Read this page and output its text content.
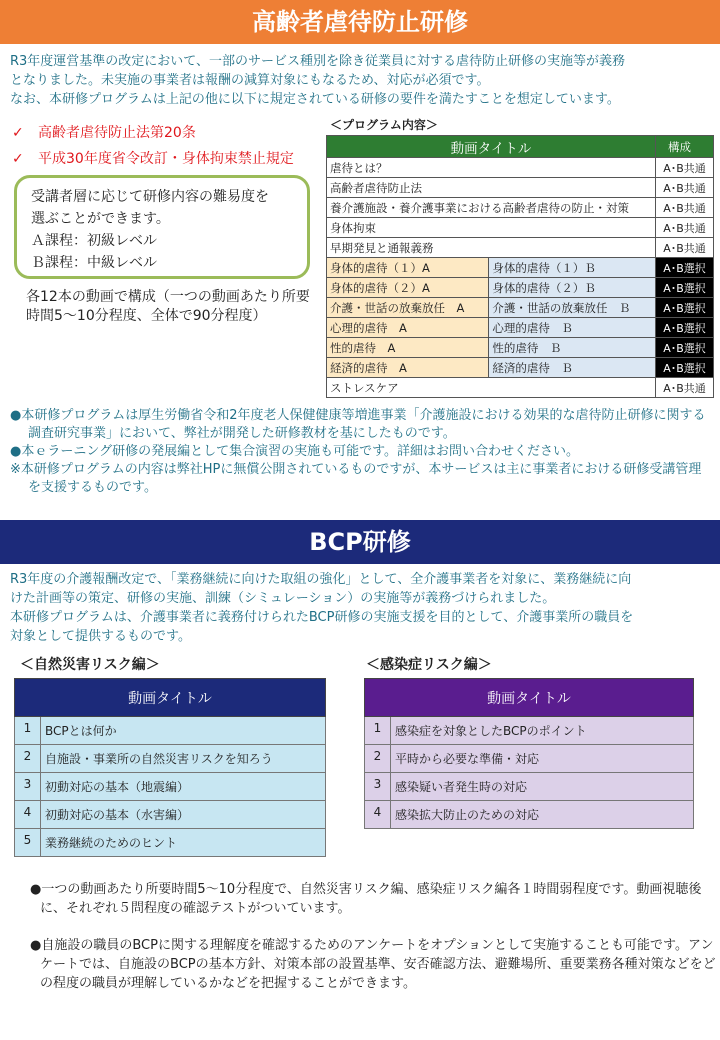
高齢者虐待防止研修

R3年度運営基準の改定において、一部のサービス種別を除き従業員に対する虐待防止研修の実施等が義務

となりました。未実施の事業者は報酬の減算対象にもなるため、対応が必須です。

なお、本研修プログラムは上記の他に以下に規定されている研修の要件を満たすことを想定しています。

✓ 高齢者虐待防止法第20条
✓ 平成30年度省令改訂・身体拘束禁止規定
受講者層に応じて研修内容の難易度を
選ぶことができます。
Ａ課程：初級レベル
Ｂ課程：中級レベル
各12本の動画で構成（一つの動画あたり所要時間5〜10分程度、全体で90分程度）
＜プログラム内容＞
動画タイトル		構成
虐待とは？		A･B共通
高齢者虐待防止法		A･B共通
養介護施設・養介護事業における高齢者虐待の防止・対策		A･B共通
身体拘束		A･B共通
早期発見と通報義務		A･B共通
身体的虐待（１）A	身体的虐待（１）Ｂ	A･B選択
身体的虐待（２）A	身体的虐待（２）Ｂ	A･B選択
介護・世話の放棄放任　A	介護・世話の放棄放任　Ｂ	A･B選択
心理的虐待　A	心理的虐待　Ｂ	A･B選択
性的虐待　A	性的虐待　Ｂ	A･B選択
経済的虐待　A	経済的虐待　Ｂ	A･B選択
ストレスケア		A･B共通
●本研修プログラムは厚生労働省令和2年度老人保健健康等増進事業「介護施設における効果的な虐待防止研修に関する調査研究事業」において、弊社が開発した研修教材を基にしたものです。
●本ｅラーニング研修の発展編として集合演習の実施も可能です。詳細はお問い合わせください。
※本研修プログラムの内容は弊社HPに無償公開されているものですが、本サービスは主に事業者における研修受講管理を支援するものです。
BCP研修

R3年度の介護報酬改定で、「業務継続に向けた取組の強化」として、全介護事業者を対象に、業務継続に向

けた計画等の策定、研修の実施、訓練（シミュレーション）の実施等が義務づけられました。

本研修プログラムは、介護事業者に義務付けられたBCP研修の実施支援を目的として、介護事業所の職員を

対象として提供するものです。

＜自然災害リスク編＞	＜感染症リスク編＞
動画タイトル	
1	BCPとは何か
2	自施設・事業所の自然災害リスクを知ろう
3	初動対応の基本（地震編）
4	初動対応の基本（水害編）
5	業務継続のためのヒント
動画タイトル	
1	感染症を対象としたBCPのポイント
2	平時から必要な準備・対応
3	感染疑い者発生時の対応
4	感染拡大防止のための対応
●一つの動画あたり所要時間5〜10分程度で、自然災害リスク編、感染症リスク編各１時間弱程度です。動画視聴後に、それぞれ５問程度の確認テストがついています。
●自施設の職員のBCPに関する理解度を確認するためのアンケートをオプションとして実施することも可能です。アンケートでは、自施設のBCPの基本方針、対策本部の設置基準、安否確認方法、避難場所、重要業務各種対策などをどの程度の職員が理解しているかなどを把握することができます。
